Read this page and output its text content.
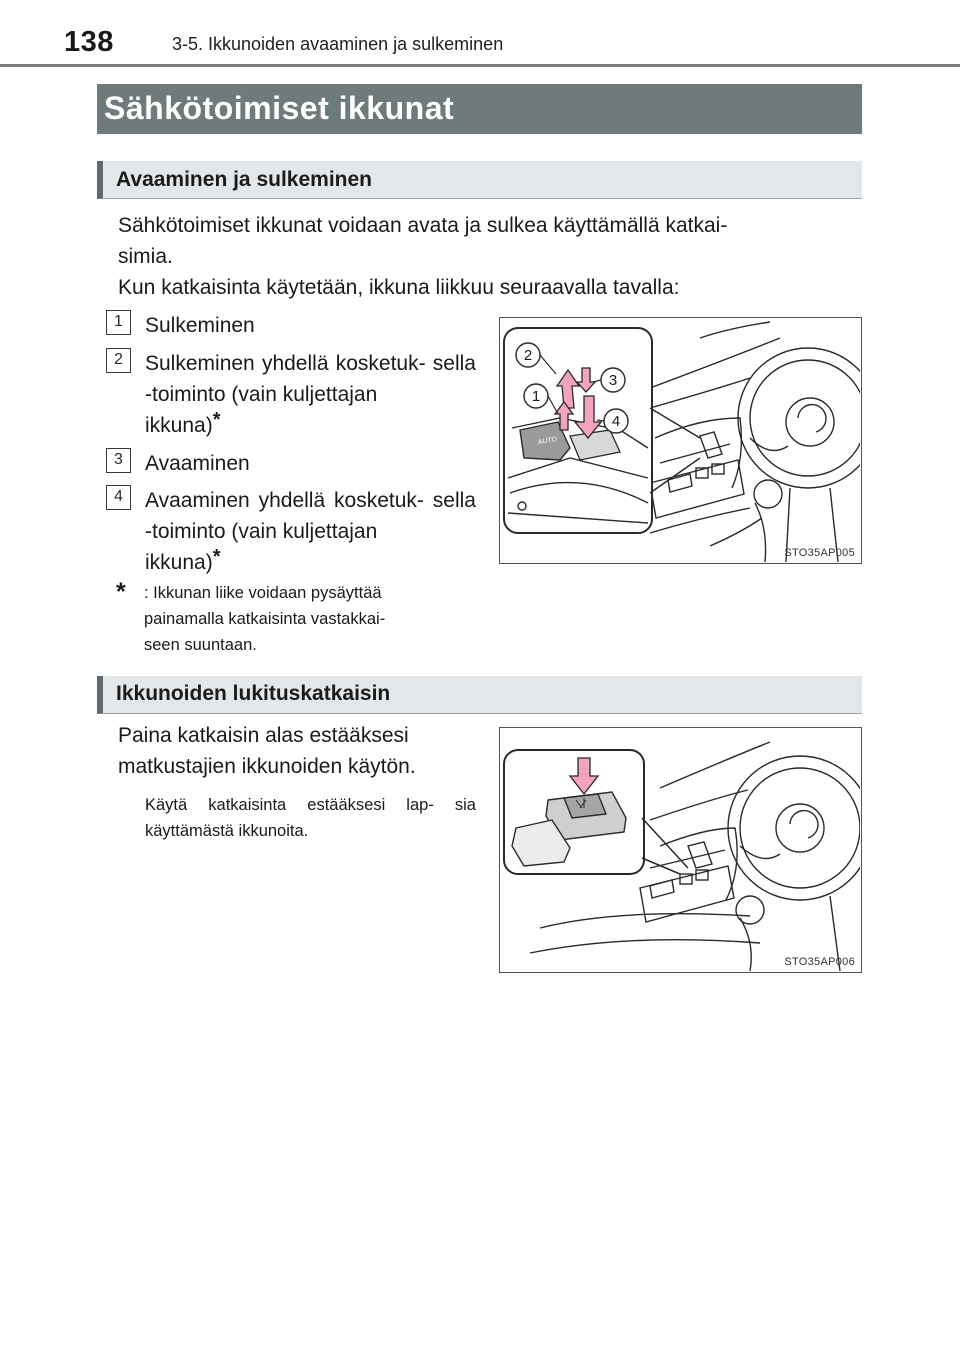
138	3-5. Ikkunoiden avaaminen ja sulkeminen
Sähkötoimiset ikkunat
Avaaminen ja sulkeminen
Sähkötoimiset ikkunat voidaan avata ja sulkea käyttämällä katkai-
simia.
Kun katkaisinta käytetään, ikkuna liikkuu seuraavalla tavalla:
1	Sulkeminen
2	Sulkeminen yhdellä kosketuk- sella -toiminto (vain kuljettajan
ikkuna)*
3	Avaaminen
4	Avaaminen yhdellä kosketuk- sella -toiminto (vain kuljettajan
ikkuna)*
*	: Ikkunan liike voidaan pysäyttää
painamalla katkaisinta vastakkai-
seen suuntaan.
AUTO
2
3
1
4
STO35AP005
Ikkunoiden lukituskatkaisin
Paina katkaisin alas estääksesi
matkustajien ikkunoiden käytön.
Käytä katkaisinta estääksesi lap- sia käyttämästä ikkunoita.
STO35AP006
